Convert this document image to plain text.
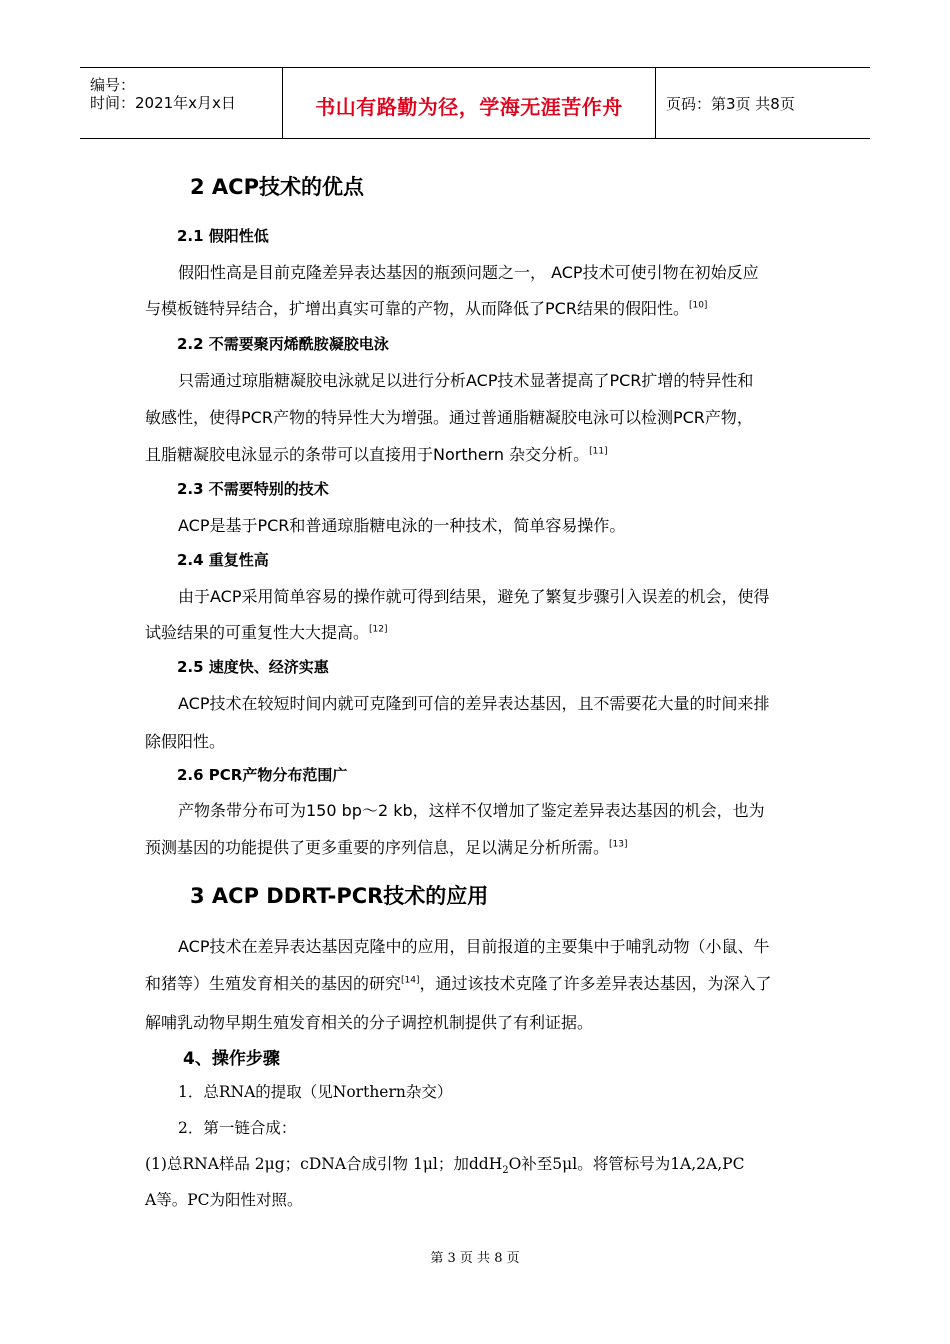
编号：
时间：2021年x月x日	书山有路勤为径，学海无涯苦作舟	页码：第3页 共8页
2 ACP技术的优点
2.1 假阳性低
假阳性高是目前克隆差异表达基因的瓶颈问题之一， ACP技术可使引物在初始反应
与模板链特异结合，扩增出真实可靠的产物，从而降低了PCR结果的假阳性。[10]
2.2 不需要聚丙烯酰胺凝胶电泳
只需通过琼脂糖凝胶电泳就足以进行分析ACP技术显著提高了PCR扩增的特异性和
敏感性，使得PCR产物的特异性大为增强。通过普通脂糖凝胶电泳可以检测PCR产物，
且脂糖凝胶电泳显示的条带可以直接用于Northern 杂交分析。[11]
2.3 不需要特别的技术
ACP是基于PCR和普通琼脂糖电泳的一种技术，简单容易操作。
2.4 重复性高
由于ACP采用简单容易的操作就可得到结果，避免了繁复步骤引入误差的机会，使得
试验结果的可重复性大大提高。[12]
2.5 速度快、经济实惠
ACP技术在较短时间内就可克隆到可信的差异表达基因，且不需要花大量的时间来排
除假阳性。
2.6 PCR产物分布范围广
产物条带分布可为150 bp～2 kb，这样不仅增加了鉴定差异表达基因的机会，也为
预测基因的功能提供了更多重要的序列信息，足以满足分析所需。[13]
3 ACP DDRT-PCR技术的应用
ACP技术在差异表达基因克隆中的应用，目前报道的主要集中于哺乳动物（小鼠、牛
和猪等）生殖发育相关的基因的研究[14]，通过该技术克隆了许多差异表达基因，为深入了
解哺乳动物早期生殖发育相关的分子调控机制提供了有利证据。
4、操作步骤
1．总RNA的提取（见Northern杂交）
2．第一链合成：
(1)总RNA样品 2μg；cDNA合成引物 1μl；加ddH$_2$O补至5μl。将管标号为1A,2A,PC
A等。PC为阳性对照。
第 3 页 共 8 页
